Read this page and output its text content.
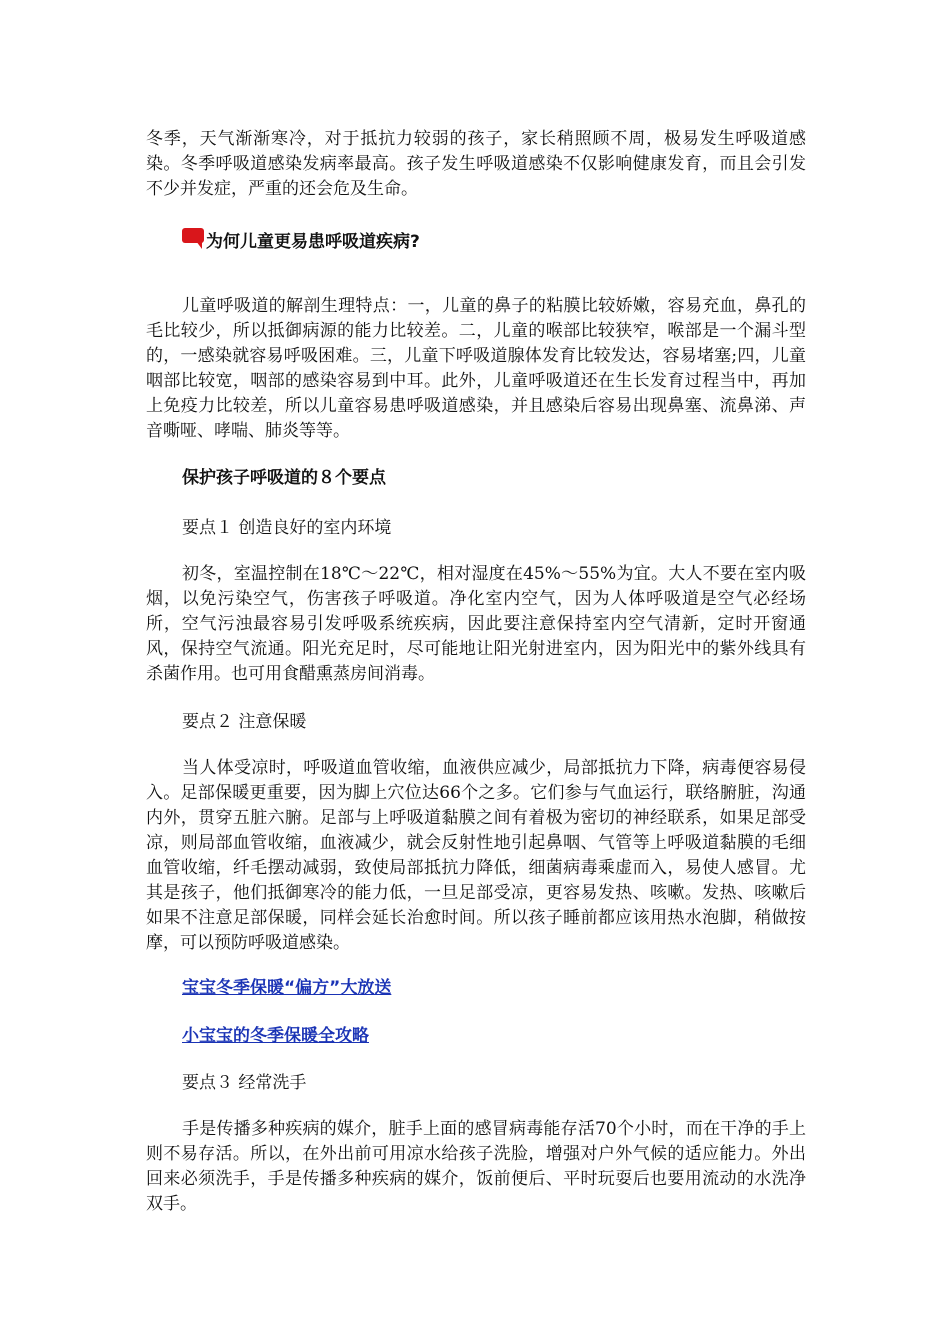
冬季，天气渐渐寒冷，对于抵抗力较弱的孩子，家长稍照顾不周，极易发生呼吸道感染。冬季呼吸道感染发病率最高。孩子发生呼吸道感染不仅影响健康发育，而且会引发不少并发症，严重的还会危及生命。

为何儿童更易患呼吸道疾病?

儿童呼吸道的解剖生理特点：一，儿童的鼻子的粘膜比较娇嫩，容易充血，鼻孔的毛比较少，所以抵御病源的能力比较差。二，儿童的喉部比较狭窄，喉部是一个漏斗型的，一感染就容易呼吸困难。三，儿童下呼吸道腺体发育比较发达，容易堵塞;四，儿童咽部比较宽，咽部的感染容易到中耳。此外，儿童呼吸道还在生长发育过程当中，再加上免疫力比较差，所以儿童容易患呼吸道感染，并且感染后容易出现鼻塞、流鼻涕、声音嘶哑、哮喘、肺炎等等。

保护孩子呼吸道的８个要点
要点１ 创造良好的室内环境

初冬，室温控制在18℃～22℃，相对湿度在45%～55%为宜。大人不要在室内吸烟，以免污染空气，伤害孩子呼吸道。净化室内空气，因为人体呼吸道是空气必经场所，空气污浊最容易引发呼吸系统疾病，因此要注意保持室内空气清新，定时开窗通风，保持空气流通。阳光充足时，尽可能地让阳光射进室内，因为阳光中的紫外线具有杀菌作用。也可用食醋熏蒸房间消毒。

要点２ 注意保暖

当人体受凉时，呼吸道血管收缩，血液供应减少，局部抵抗力下降，病毒便容易侵入。足部保暖更重要，因为脚上穴位达66个之多。它们参与气血运行，联络腑脏，沟通内外，贯穿五脏六腑。足部与上呼吸道黏膜之间有着极为密切的神经联系，如果足部受凉，则局部血管收缩，血液减少，就会反射性地引起鼻咽、气管等上呼吸道黏膜的毛细血管收缩，纤毛摆动减弱，致使局部抵抗力降低，细菌病毒乘虚而入，易使人感冒。尤其是孩子，他们抵御寒冷的能力低，一旦足部受凉，更容易发热、咳嗽。发热、咳嗽后如果不注意足部保暖，同样会延长治愈时间。所以孩子睡前都应该用热水泡脚，稍做按摩，可以预防呼吸道感染。

宝宝冬季保暖“偏方”大放送
小宝宝的冬季保暖全攻略
要点３ 经常洗手

手是传播多种疾病的媒介，脏手上面的感冒病毒能存活70个小时，而在干净的手上则不易存活。所以，在外出前可用凉水给孩子洗脸，增强对户外气候的适应能力。外出回来必须洗手，手是传播多种疾病的媒介，饭前便后、平时玩耍后也要用流动的水洗净双手。
